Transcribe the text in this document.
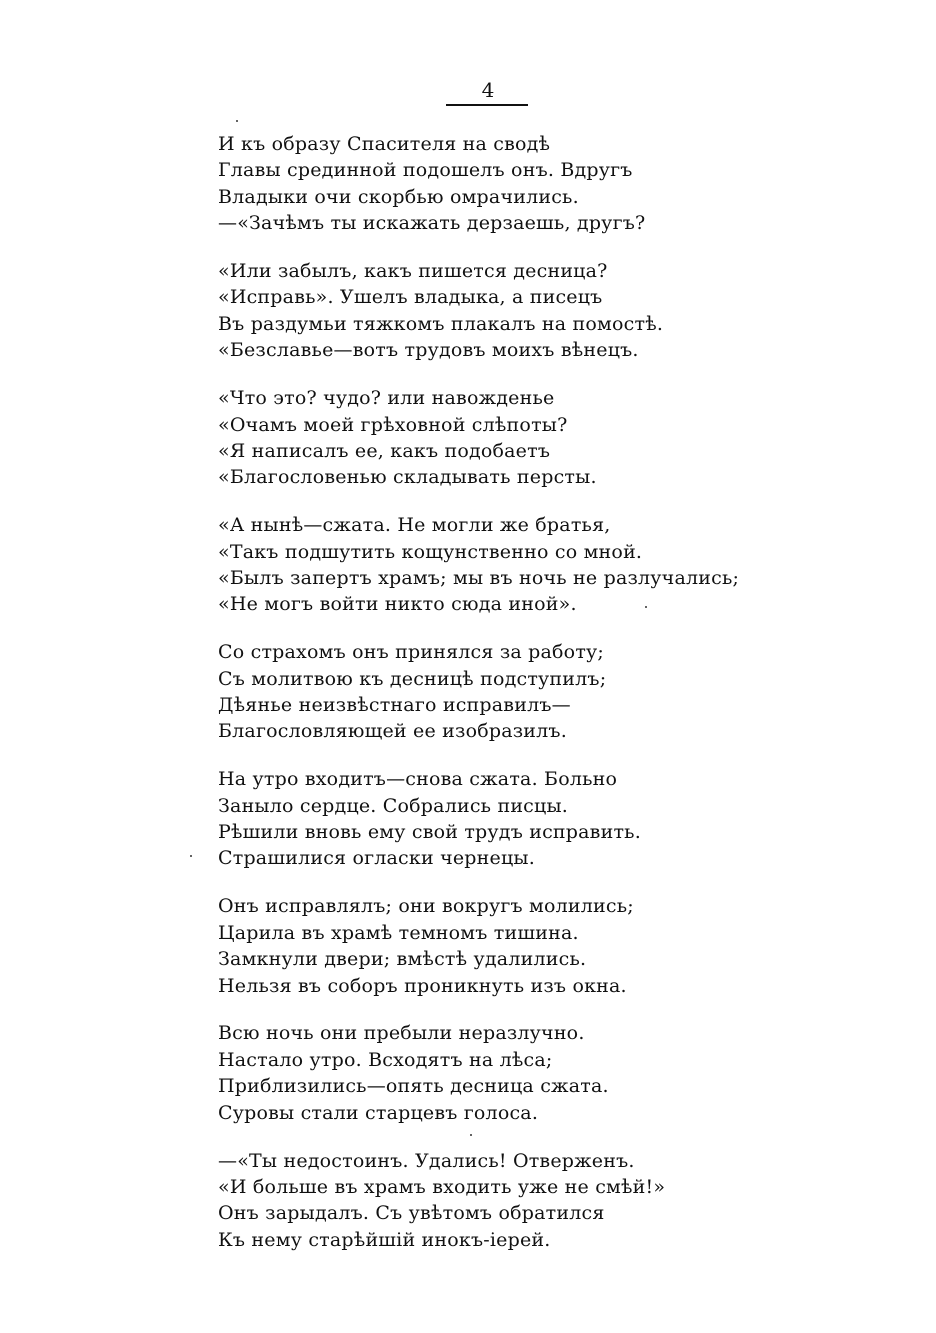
4
И къ образу Спасителя на сводѣ
Главы срединной подошелъ онъ. Вдругъ
Владыки очи скорбью омрачились.
—«Зачѣмъ ты искажать дерзаешь, другъ?
«Или забылъ, какъ пишется десница?
«Исправь». Ушелъ владыка, а писецъ
Въ раздумьи тяжкомъ плакалъ на помостѣ.
«Безславье—вотъ трудовъ моихъ вѣнецъ.
«Что это? чудо? или навожденье
«Очамъ моей грѣховной слѣпоты?
«Я написалъ ее, какъ подобаетъ
«Благословенью складывать персты.
«А нынѣ—сжата. Не могли же братья,
«Такъ подшутить кощунственно со мной.
«Былъ запертъ храмъ; мы въ ночь не разлучались;
«Не могъ войти никто сюда иной».
Со страхомъ онъ принялся за работу;
Съ молитвою къ десницѣ подступилъ;
Дѣянье неизвѣстнаго исправилъ—
Благословляющей ее изобразилъ.
На утро входитъ—снова сжата. Больно
Заныло сердце. Собрались писцы.
Рѣшили вновь ему свой трудъ исправить.
Страшилися огласки чернецы.
Онъ исправлялъ; они вокругъ молились;
Царила въ храмѣ темномъ тишина.
Замкнули двери; вмѣстѣ удалились.
Нельзя въ соборъ проникнуть изъ окна.
Всю ночь они пребыли неразлучно.
Настало утро. Всходятъ на лѣса;
Приблизились—опять десница сжата.
Суровы стали старцевъ голоса.
—«Ты недостоинъ. Удались! Отверженъ.
«И больше въ храмъ входить уже не смѣй!»
Онъ зарыдалъ. Съ увѣтомъ обратился
Къ нему старѣйшій инокъ-іерей.
